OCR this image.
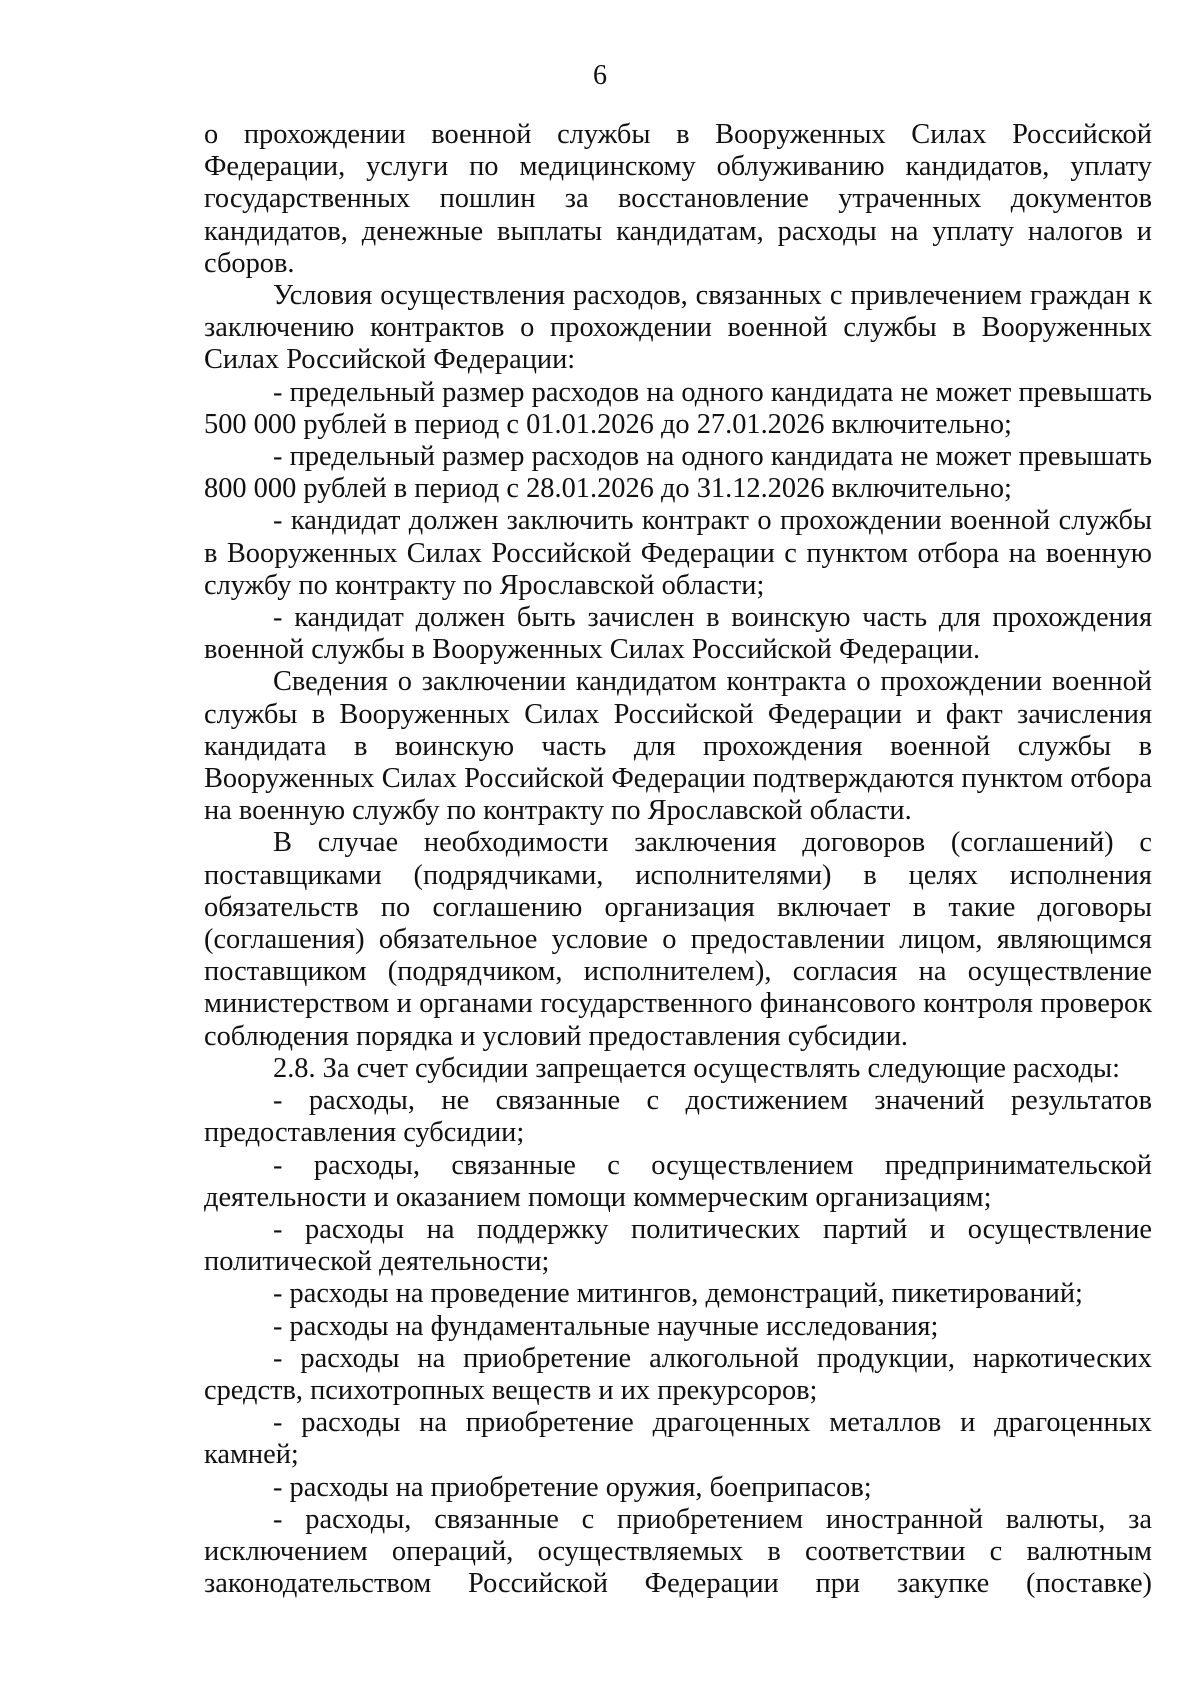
6

о прохождении военной службы в Вооруженных Силах Российской Федерации, услуги по медицинскому облуживанию кандидатов, уплату государственных пошлин за восстановление утраченных документов кандидатов, денежные выплаты кандидатам, расходы на уплату налогов и сборов.

Условия осуществления расходов, связанных с привлечением граждан к заключению контрактов о прохождении военной службы в Вооруженных Силах Российской Федерации:

- предельный размер расходов на одного кандидата не может превышать 500 000 рублей в период с 01.01.2026 до 27.01.2026 включительно;

- предельный размер расходов на одного кандидата не может превышать 800 000 рублей в период с 28.01.2026 до 31.12.2026 включительно;

- кандидат должен заключить контракт о прохождении военной службы в Вооруженных Силах Российской Федерации с пунктом отбора на военную службу по контракту по Ярославской области;

- кандидат должен быть зачислен в воинскую часть для прохождения военной службы в Вооруженных Силах Российской Федерации.

Сведения о заключении кандидатом контракта о прохождении военной службы в Вооруженных Силах Российской Федерации и факт зачисления кандидата в воинскую часть для прохождения военной службы в Вооруженных Силах Российской Федерации подтверждаются пунктом отбора на военную службу по контракту по Ярославской области.

В случае необходимости заключения договоров (соглашений) с поставщиками (подрядчиками, исполнителями) в целях исполнения обязательств по соглашению организация включает в такие договоры (соглашения) обязательное условие о предоставлении лицом, являющимся поставщиком (подрядчиком, исполнителем), согласия на осуществление министерством и органами государственного финансового контроля проверок соблюдения порядка и условий предоставления субсидии.

2.8. За счет субсидии запрещается осуществлять следующие расходы:

- расходы, не связанные с достижением значений результатов предоставления субсидии;

- расходы, связанные с осуществлением предпринимательской деятельности и оказанием помощи коммерческим организациям;

- расходы на поддержку политических партий и осуществление политической деятельности;

- расходы на проведение митингов, демонстраций, пикетирований;

- расходы на фундаментальные научные исследования;

- расходы на приобретение алкогольной продукции, наркотических средств, психотропных веществ и их прекурсоров;

- расходы на приобретение драгоценных металлов и драгоценных камней;

- расходы на приобретение оружия, боеприпасов;

- расходы, связанные с приобретением иностранной валюты, за исключением операций, осуществляемых в соответствии с валютным законодательством Российской Федерации при закупке (поставке)
